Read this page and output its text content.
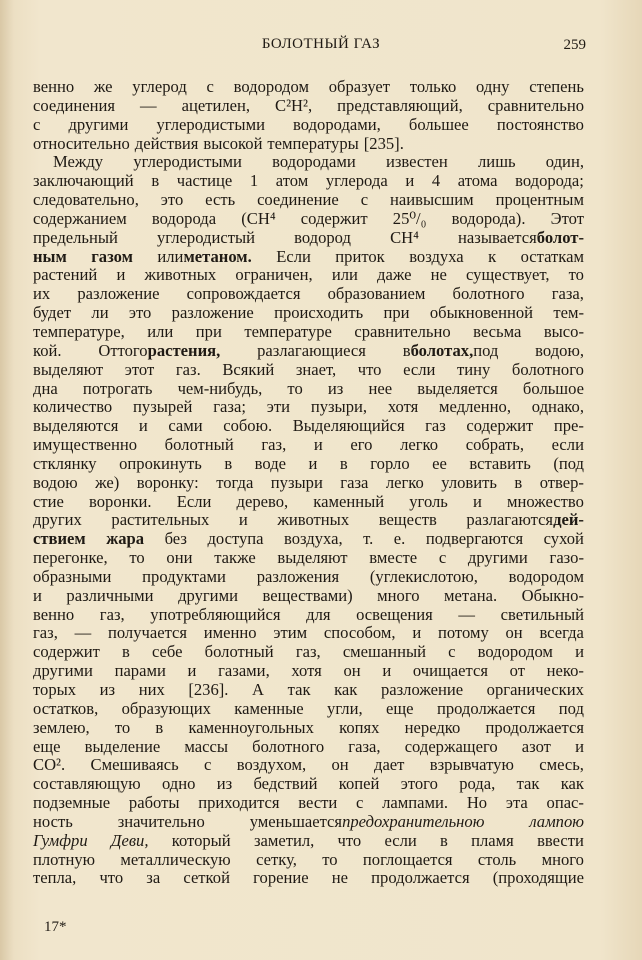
БОЛОТНЫЙ ГАЗ	259
венно же углерод с водородом образует только одну степень
соединения — ацетилен, C²H², представляющий, сравнительно
с другими углеродистыми водородами, большее постоянство
относительно действия высокой температуры [235].
Между углеродистыми водородами известен лишь один,
заключающий в частице 1 атом углерода и 4 атома водорода;
следовательно, это есть соединение с наивысшим процентным
содержанием водорода (CH⁴ содержит 25⁰/₀ водорода). Этот
предельный углеродистый водород CH⁴ называетсяболот-
ным газом илиметаном. Если приток воздуха к остаткам
растений и животных ограничен, или даже не существует, то
их разложение сопровождается образованием болотного газа,
будет ли это разложение происходить при обыкновенной тем-
температуре, или при температуре сравнительно весьма высо-
кой. Оттогорастения, разлагающиеся вболотах,под водою,
выделяют этот газ. Всякий знает, что если тину болотного
дна потрогать чем-нибудь, то из нее выделяется большое
количество пузырей газа; эти пузыри, хотя медленно, однако,
выделяются и сами собою. Выделяющийся газ содержит пре-
имущественно болотный газ, и его легко собрать, если
стклянку опрокинуть в воде и в горло ее вставить (под
водою же) воронку: тогда пузыри газа легко уловить в отвер-
стие воронки. Если дерево, каменный уголь и множество
других растительных и животных веществ разлагаютсядей-
ствием жара без доступа воздуха, т. е. подвергаются сухой
перегонке, то они также выделяют вместе с другими газо-
образными продуктами разложения (углекислотою, водородом
и различными другими веществами) много метана. Обыкно-
венно газ, употребляющийся для освещения — светильный
газ, — получается именно этим способом, и потому он всегда
содержит в себе болотный газ, смешанный с водородом и
другими парами и газами, хотя он и очищается от неко-
торых из них [236]. А так как разложение органических
остатков, образующих каменные угли, еще продолжается под
землею, то в каменноугольных копях нередко продолжается
еще выделение массы болотного газа, содержащего азот и
CO². Смешиваясь с воздухом, он дает взрывчатую смесь,
составляющую одно из бедствий копей этого рода, так как
подземные работы приходится вести с лампами. Но эта опас-
ность	значительно	уменьшаетсяпредохранительною	лампою
Гумфри Деви, который заметил, что если в пламя ввести
плотную металлическую сетку, то поглощается столь много
тепла, что за сеткой горение не продолжается (проходящие
17*
